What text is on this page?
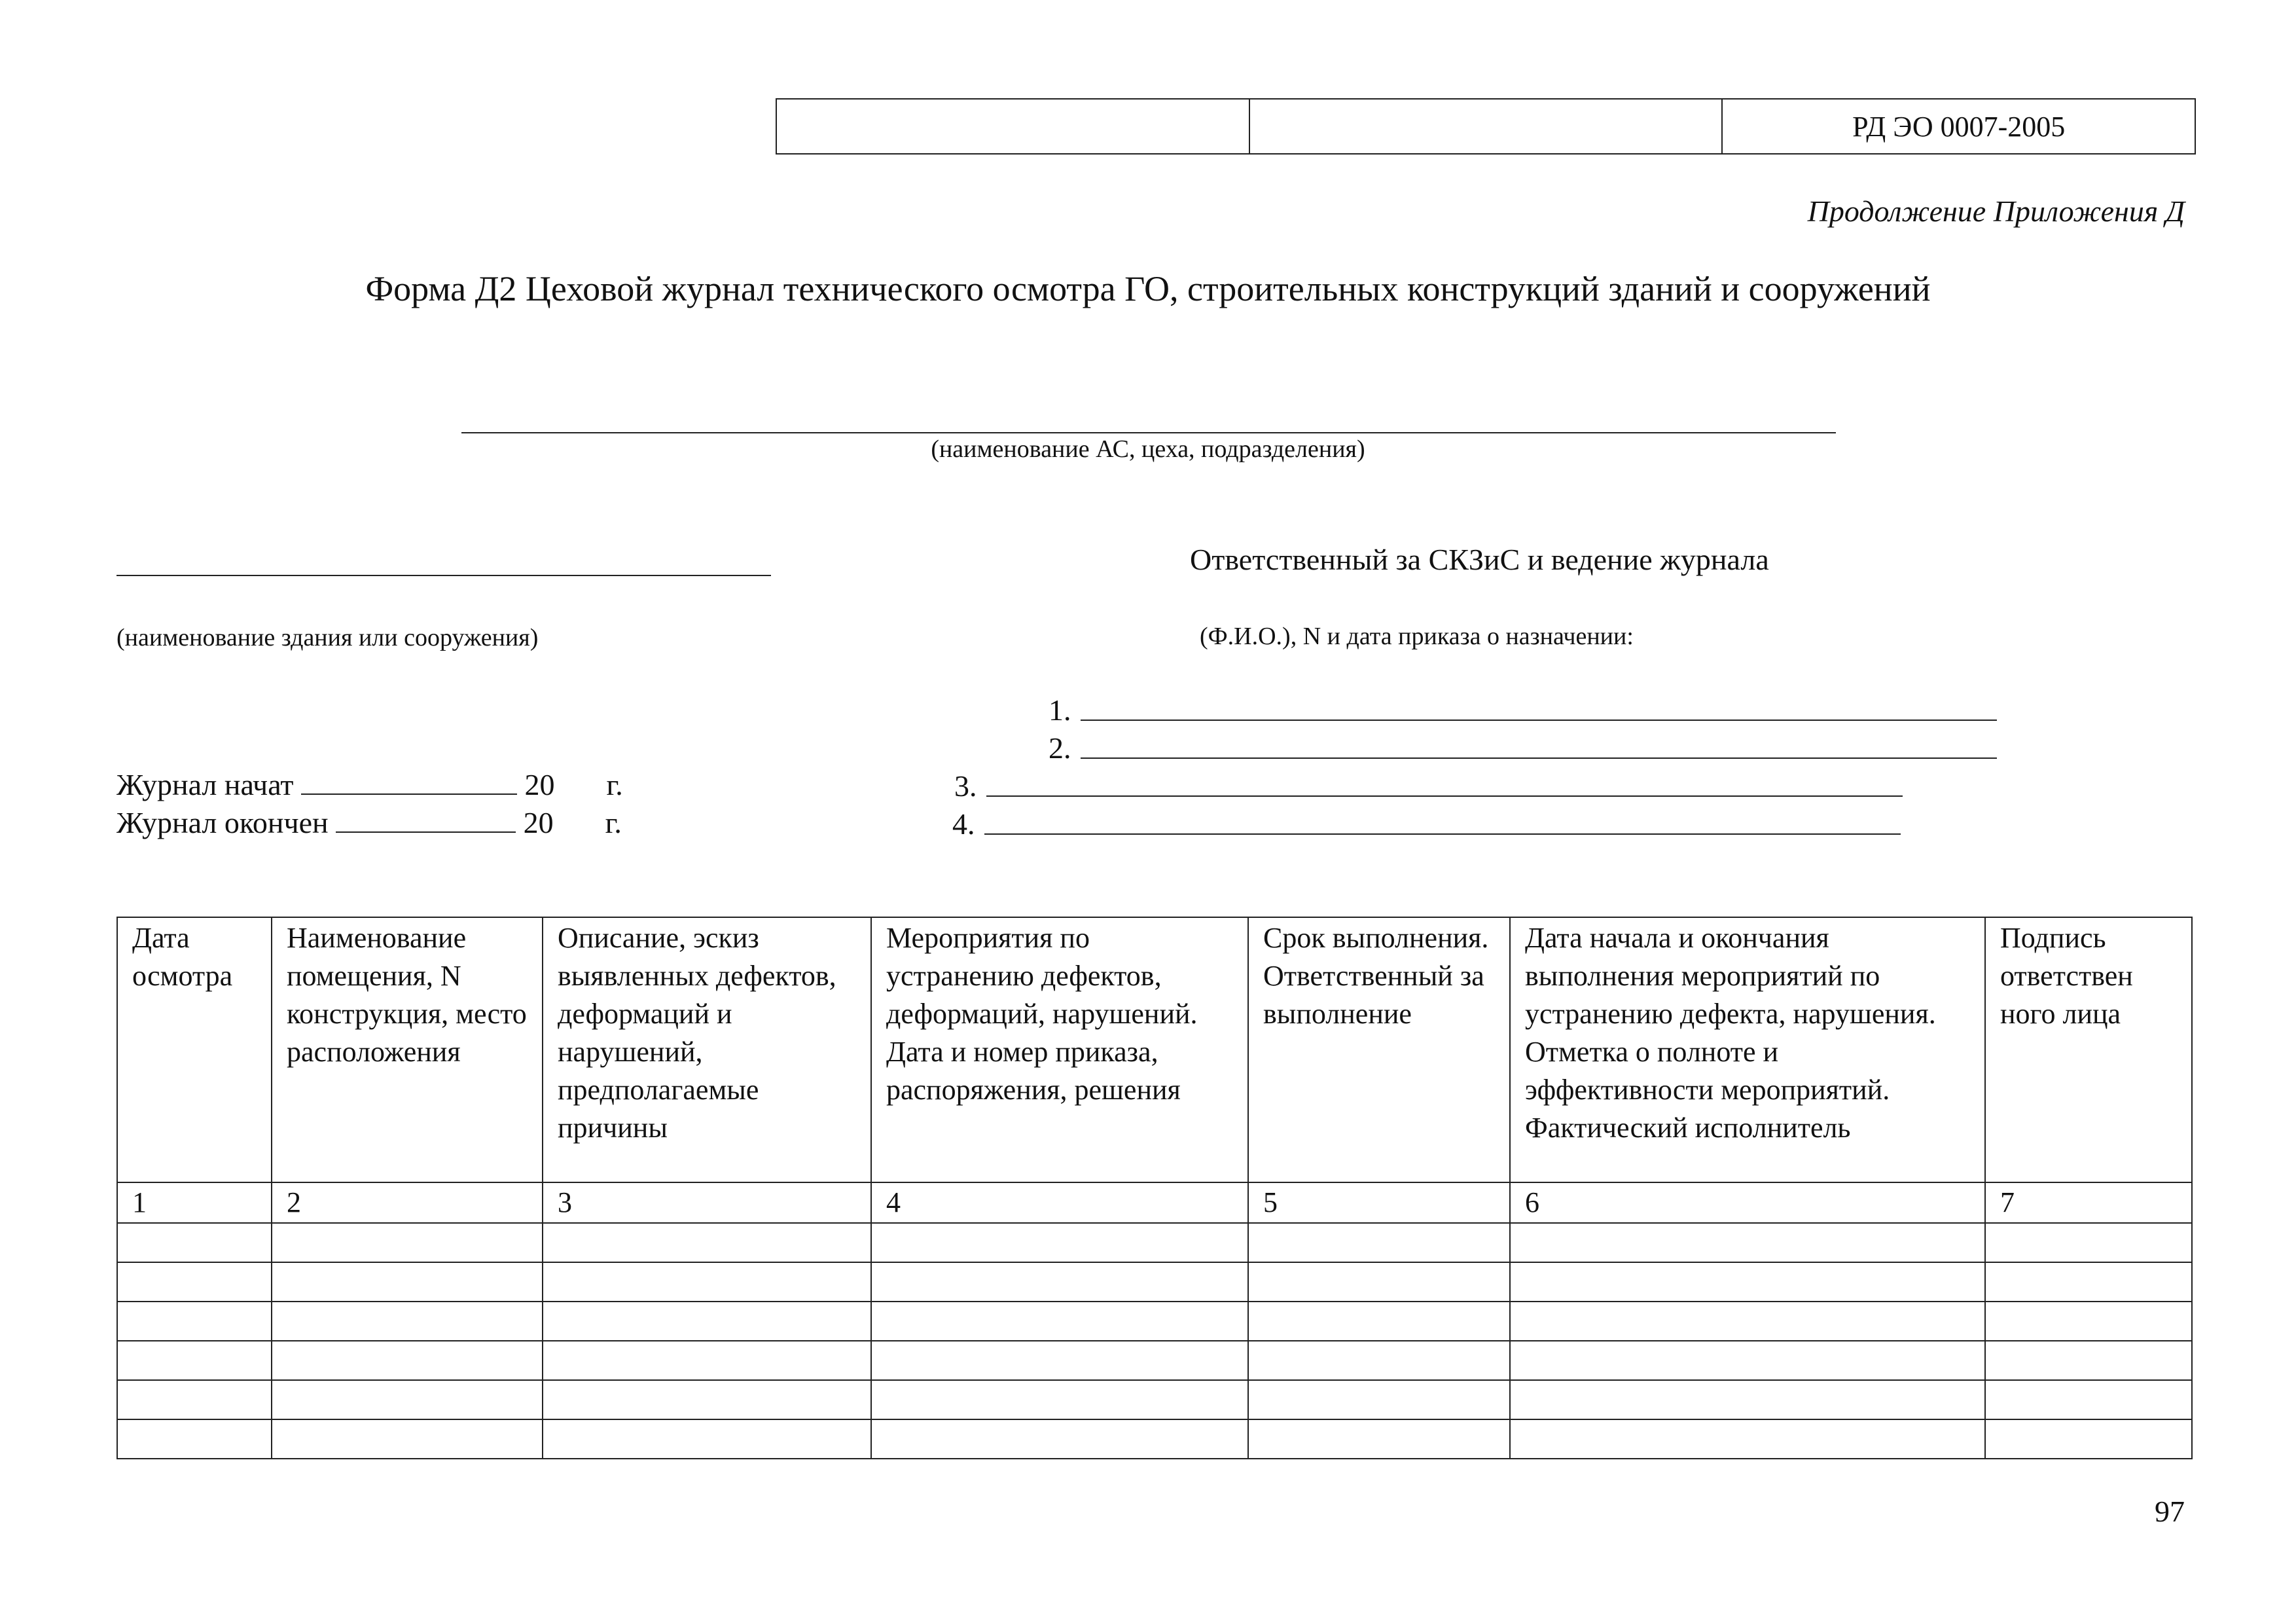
РД ЭО 0007-2005
Продолжение Приложения Д
Форма Д2 Цеховой журнал технического осмотра ГО, строительных конструкций зданий и сооружений
(наименование АС, цеха, подразделения)
(наименование здания или сооружения)
Ответственный за СКЗиС и ведение журнала
(Ф.И.О.), N и дата приказа о назначении:
1.
2.
3.
4.
Журнал начат	20 г.
Журнал окончен	20 г.
Дата осмотра	Наименование помещения, N конструкция, место расположения	Описание, эскиз выявленных дефектов, деформаций и нарушений, предполагаемые причины	Мероприятия по устранению дефектов, деформаций, нарушений. Дата и номер приказа, распоряжения, решения	Срок выполнения. Ответственный за выполнение	Дата начала и окончания выполнения мероприятий по устранению дефекта, нарушения. Отметка о полноте и эффективности мероприятий. Фактический исполнитель	Подпись ответствен ного лица
1	2	3	4	5	6	7

97
